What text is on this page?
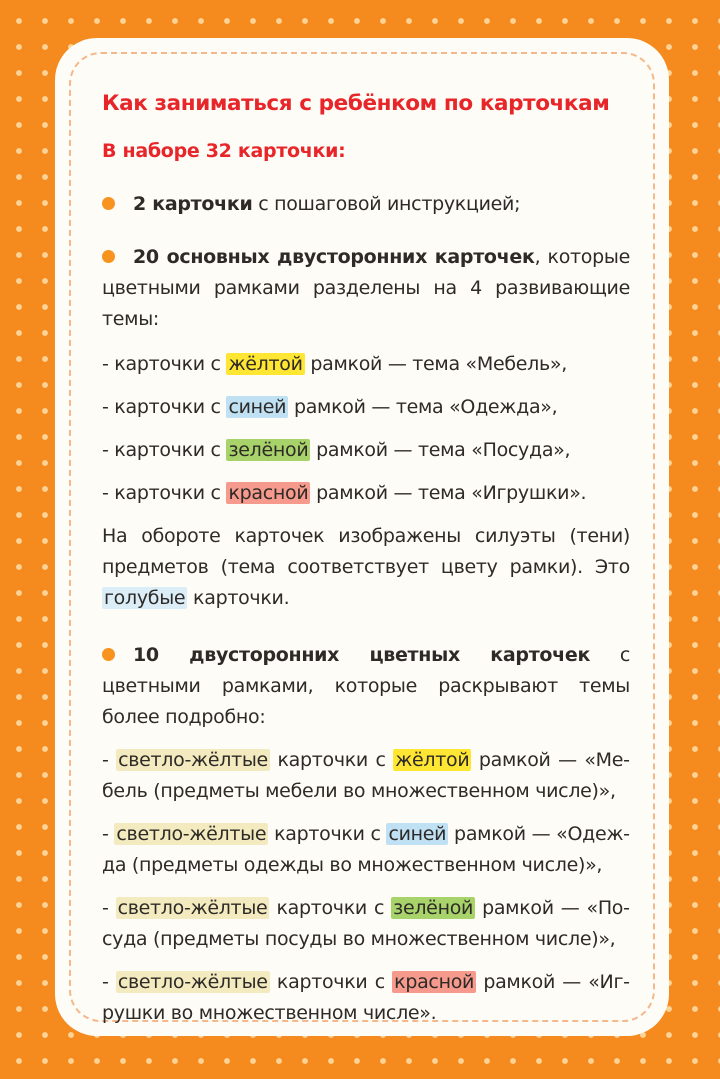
Как заниматься с ребёнком по карточкам

В наборе 32 карточки:

2 карточки с пошаговой инструкцией;

20 основных двусторонних карточек, которые цветными рамками разделены на 4 развивающие темы:

- карточки с жёлтой рамкой — тема «Мебель»,

- карточки с синей рамкой — тема «Одежда»,

- карточки с зелёной рамкой — тема «Посуда»,

- карточки с красной рамкой — тема «Игрушки».

На обороте карточек изображены силуэты (тени) предметов (тема соответствует цвету рамки). Это голубые карточки.

10 двусторонних цветных карточек с цветными рамками, которые раскрывают темы более подробно:

- светло-жёлтые карточки с жёлтой рамкой — «Мебель (предметы мебели во множественном числе)»,

- светло-жёлтые карточки с синей рамкой — «Одежда (предметы одежды во множественном числе)»,

- светло-жёлтые карточки с зелёной рамкой — «Посуда (предметы посуды во множественном числе)»,

- светло-жёлтые карточки с красной рамкой — «Игрушки во множественном числе».
